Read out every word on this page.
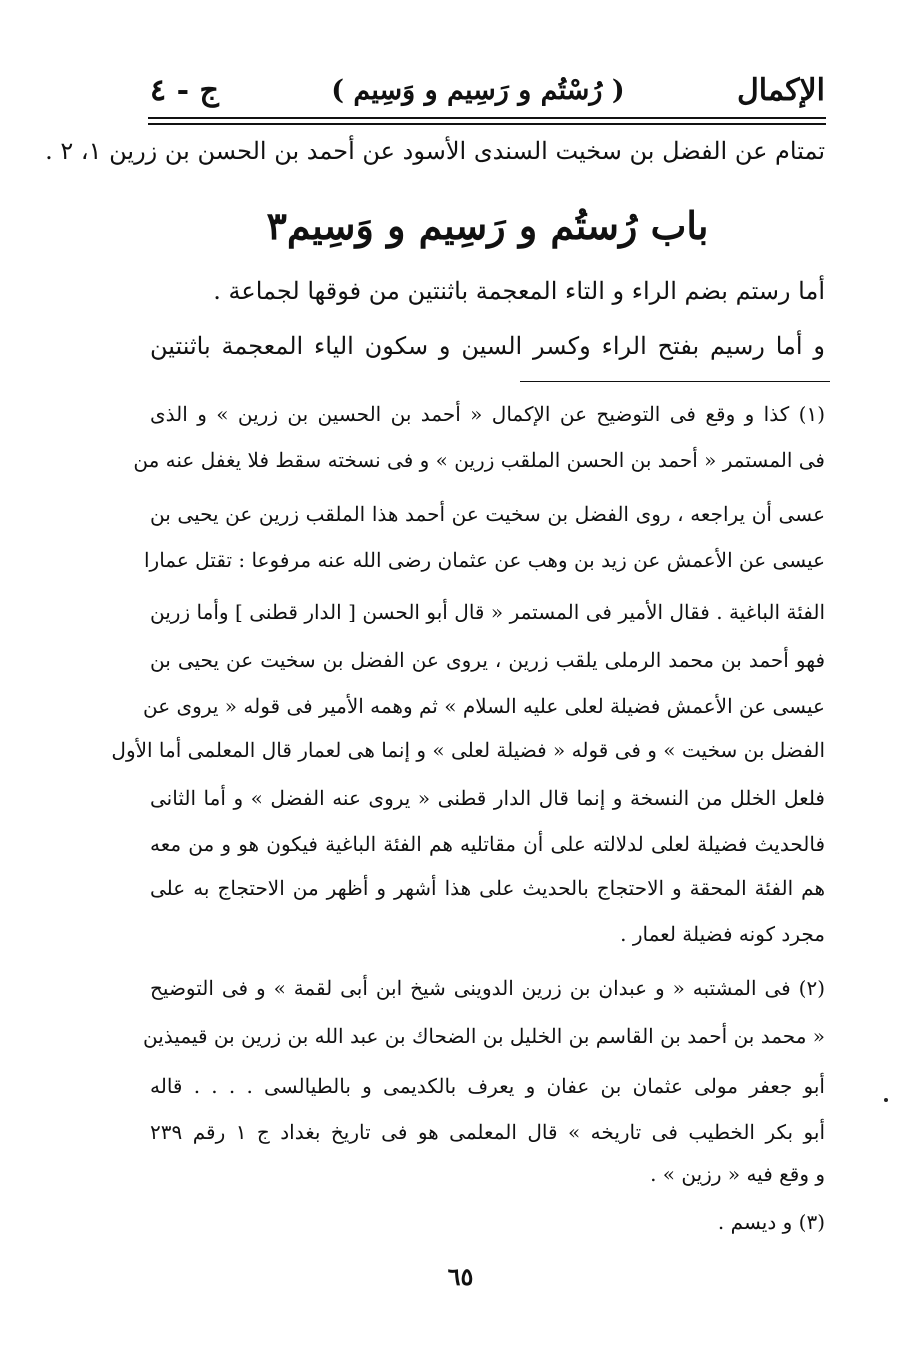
الإكمال
( رُسْتُم و رَسِيم و وَسِيم )
ج - ٤
تمتام عن الفضل بن سخيت السندى الأسود عن أحمد بن الحسن بن زرين ١، ٢ .
باب رُستُم و رَسِيم و وَسِيم٣
أما رستم بضم الراء و التاء المعجمة باثنتين من فوقها لجماعة .
و أما رسيم بفتح الراء وكسر السين و سكون الياء المعجمة باثنتين
(١) كذا و وقع فى التوضيح عن الإكمال « أحمد بن الحسين بن زرين » و الذى
فى المستمر « أحمد بن الحسن الملقب زرين » و فى نسخته سقط فلا يغفل عنه من
عسى أن يراجعه ، روى الفضل بن سخيت عن أحمد هذا الملقب زرين عن يحيى بن
عيسى عن الأعمش عن زيد بن وهب عن عثمان رضى الله عنه مرفوعا : تقتل عمارا
الفئة الباغية . فقال الأمير فى المستمر « قال أبو الحسن [ الدار قطنى ] وأما زرين
فهو أحمد بن محمد الرملى يلقب زرين ، يروى عن الفضل بن سخيت عن يحيى بن
عيسى عن الأعمش فضيلة لعلى عليه السلام » ثم وهمه الأمير فى قوله « يروى عن
الفضل بن سخيت » و فى قوله « فضيلة لعلى » و إنما هى لعمار قال المعلمى أما الأول
فلعل الخلل من النسخة و إنما قال الدار قطنى « يروى عنه الفضل » و أما الثانى
فالحديث فضيلة لعلى لدلالته على أن مقاتليه هم الفئة الباغية فيكون هو و من معه
هم الفئة المحقة و الاحتجاج بالحديث على هذا أشهر و أظهر من الاحتجاج به على
مجرد كونه فضيلة لعمار .
(٢) فى المشتبه « و عبدان بن زرين الدوينى شيخ ابن أبى لقمة » و فى التوضيح
« محمد بن أحمد بن القاسم بن الخليل بن الضحاك بن عبد الله بن زرين بن قيميذين
أبو جعفر مولى عثمان بن عفان و يعرف بالكديمى و بالطيالسى . . . . قاله
أبو بكر الخطيب فى تاريخه » قال المعلمى هو فى تاريخ بغداد ج ١ رقم ٢٣٩
و وقع فيه « رزين » .
(٣) و ديسم .
٦٥
